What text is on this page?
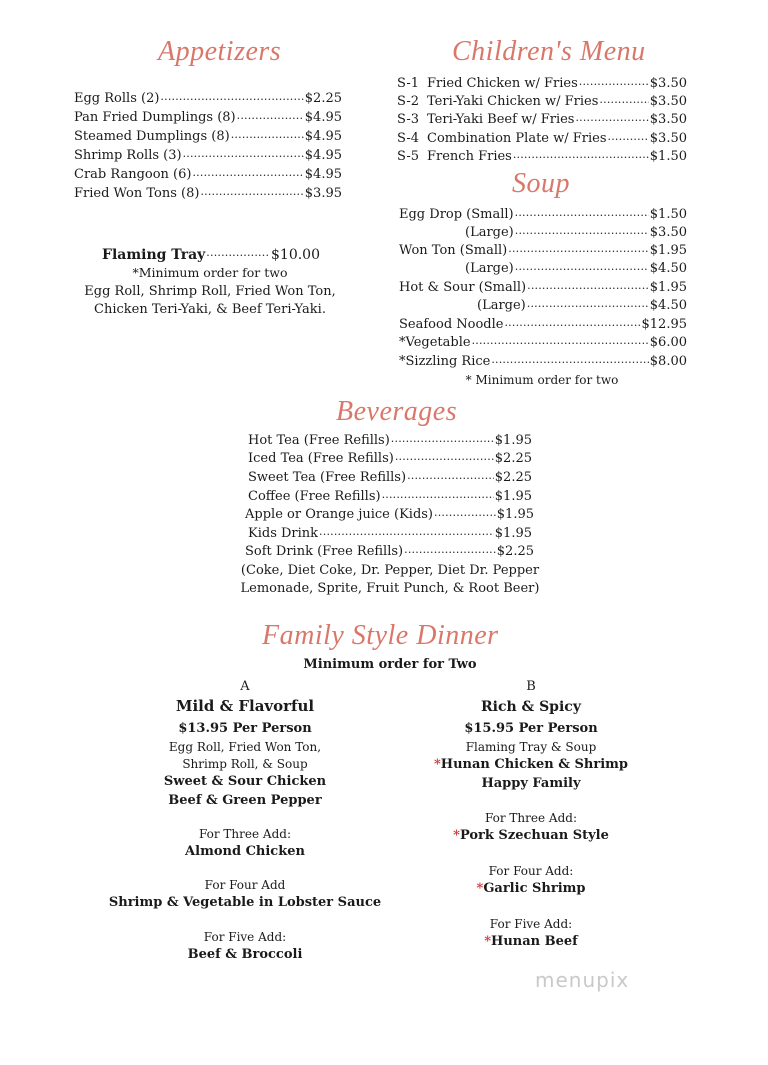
Appetizers
Egg Rolls (2) .....	$2.25
Pan Fried Dumplings (8) .....	$4.95
Steamed Dumplings (8) .....	$4.95
Shrimp Rolls (3) .....	$4.95
Crab Rangoon (6) .....	$4.95
Fried Won Tons (8) .....	$3.95
Flaming Tray .....	$10.00
*Minimum order for two
Egg Roll, Shrimp Roll, Fried Won Ton,
Chicken Teri-Yaki, & Beef Teri-Yaki.
Children's Menu
S-1 Fried Chicken w/ Fries .....	$3.50
S-2 Teri-Yaki Chicken w/ Fries .....	$3.50
S-3 Teri-Yaki Beef w/ Fries .....	$3.50
S-4 Combination Plate w/ Fries .....	$3.50
S-5 French Fries .....	$1.50
Soup
Egg Drop (Small) .....	$1.50
(Large) .....	$3.50
Won Ton (Small) .....	$1.95
(Large) .....	$4.50
Hot & Sour (Small) .....	$1.95
(Large) .....	$4.50
Seafood Noodle .....	$12.95
*Vegetable .....	$6.00
*Sizzling Rice .....	$8.00
* Minimum order for two
Beverages
Hot Tea (Free Refills) .....	$1.95
Iced Tea (Free Refills) .....	$2.25
Sweet Tea (Free Refills) .....	$2.25
Coffee (Free Refills) .....	$1.95
Apple or Orange juice (Kids) .....	$1.95
Kids Drink .....	$1.95
Soft Drink (Free Refills) .....	$2.25
(Coke, Diet Coke, Dr. Pepper, Diet Dr. Pepper
Lemonade, Sprite, Fruit Punch, & Root Beer)
Family Style Dinner
Minimum order for Two
A
Mild & Flavorful
$13.95 Per Person
Egg Roll, Fried Won Ton,
Shrimp Roll, & Soup
Sweet & Sour Chicken
Beef & Green Pepper
For Three Add:
Almond Chicken
For Four Add
Shrimp & Vegetable in Lobster Sauce
For Five Add:
Beef & Broccoli
B
Rich & Spicy
$15.95 Per Person
Flaming Tray & Soup
*Hunan Chicken & Shrimp
Happy Family
For Three Add:
*Pork Szechuan Style
For Four Add:
*Garlic Shrimp
For Five Add:
*Hunan Beef
menupix
